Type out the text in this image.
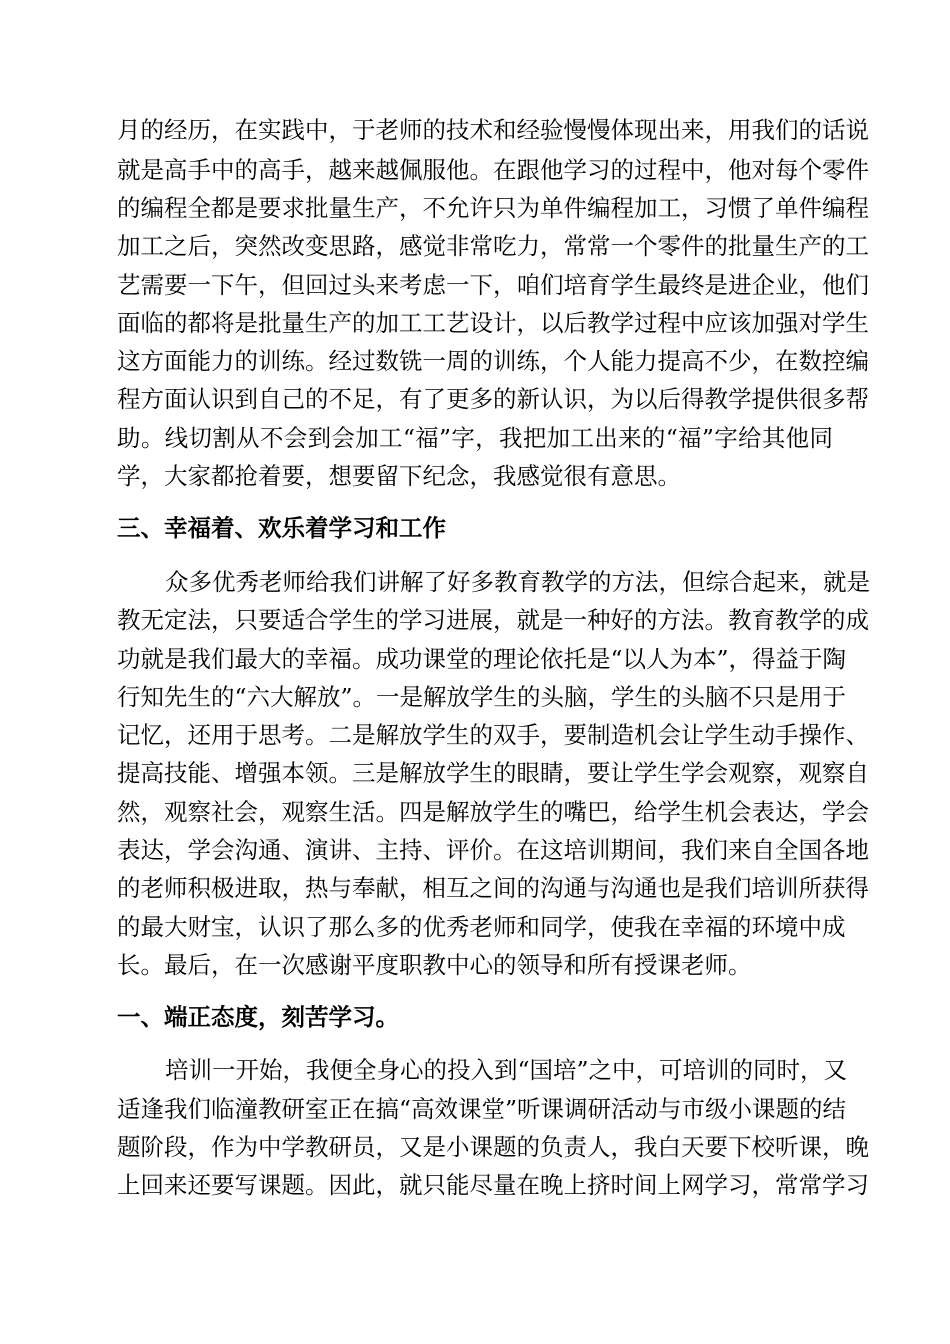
月的经历，在实践中，于老师的技术和经验慢慢体现出来，用我们的话说
就是高手中的高手，越来越佩服他。在跟他学习的过程中，他对每个零件
的编程全都是要求批量生产，不允许只为单件编程加工，习惯了单件编程
加工之后，突然改变思路，感觉非常吃力，常常一个零件的批量生产的工
艺需要一下午，但回过头来考虑一下，咱们培育学生最终是进企业，他们
面临的都将是批量生产的加工工艺设计，以后教学过程中应该加强对学生
这方面能力的训练。经过数铣一周的训练，个人能力提高不少，在数控编
程方面认识到自己的不足，有了更多的新认识，为以后得教学提供很多帮
助。线切割从不会到会加工“福”字，我把加工出来的“福”字给其他同
学，大家都抢着要，想要留下纪念，我感觉很有意思。
三、幸福着、欢乐着学习和工作
众多优秀老师给我们讲解了好多教育教学的方法，但综合起来，就是
教无定法，只要适合学生的学习进展，就是一种好的方法。教育教学的成
功就是我们最大的幸福。成功课堂的理论依托是“以人为本”，得益于陶
行知先生的“六大解放”。一是解放学生的头脑，学生的头脑不只是用于
记忆，还用于思考。二是解放学生的双手，要制造机会让学生动手操作、
提高技能、增强本领。三是解放学生的眼睛，要让学生学会观察，观察自
然，观察社会，观察生活。四是解放学生的嘴巴，给学生机会表达，学会
表达，学会沟通、演讲、主持、评价。在这培训期间，我们来自全国各地
的老师积极进取，热与奉献，相互之间的沟通与沟通也是我们培训所获得
的最大财宝，认识了那么多的优秀老师和同学，使我在幸福的环境中成
长。最后，在一次感谢平度职教中心的领导和所有授课老师。
一、端正态度，刻苦学习。
培训一开始，我便全身心的投入到“国培”之中，可培训的同时，又
适逢我们临潼教研室正在搞“高效课堂”听课调研活动与市级小课题的结
题阶段，作为中学教研员，又是小课题的负责人，我白天要下校听课，晚
上回来还要写课题。因此，就只能尽量在晚上挤时间上网学习，常常学习
